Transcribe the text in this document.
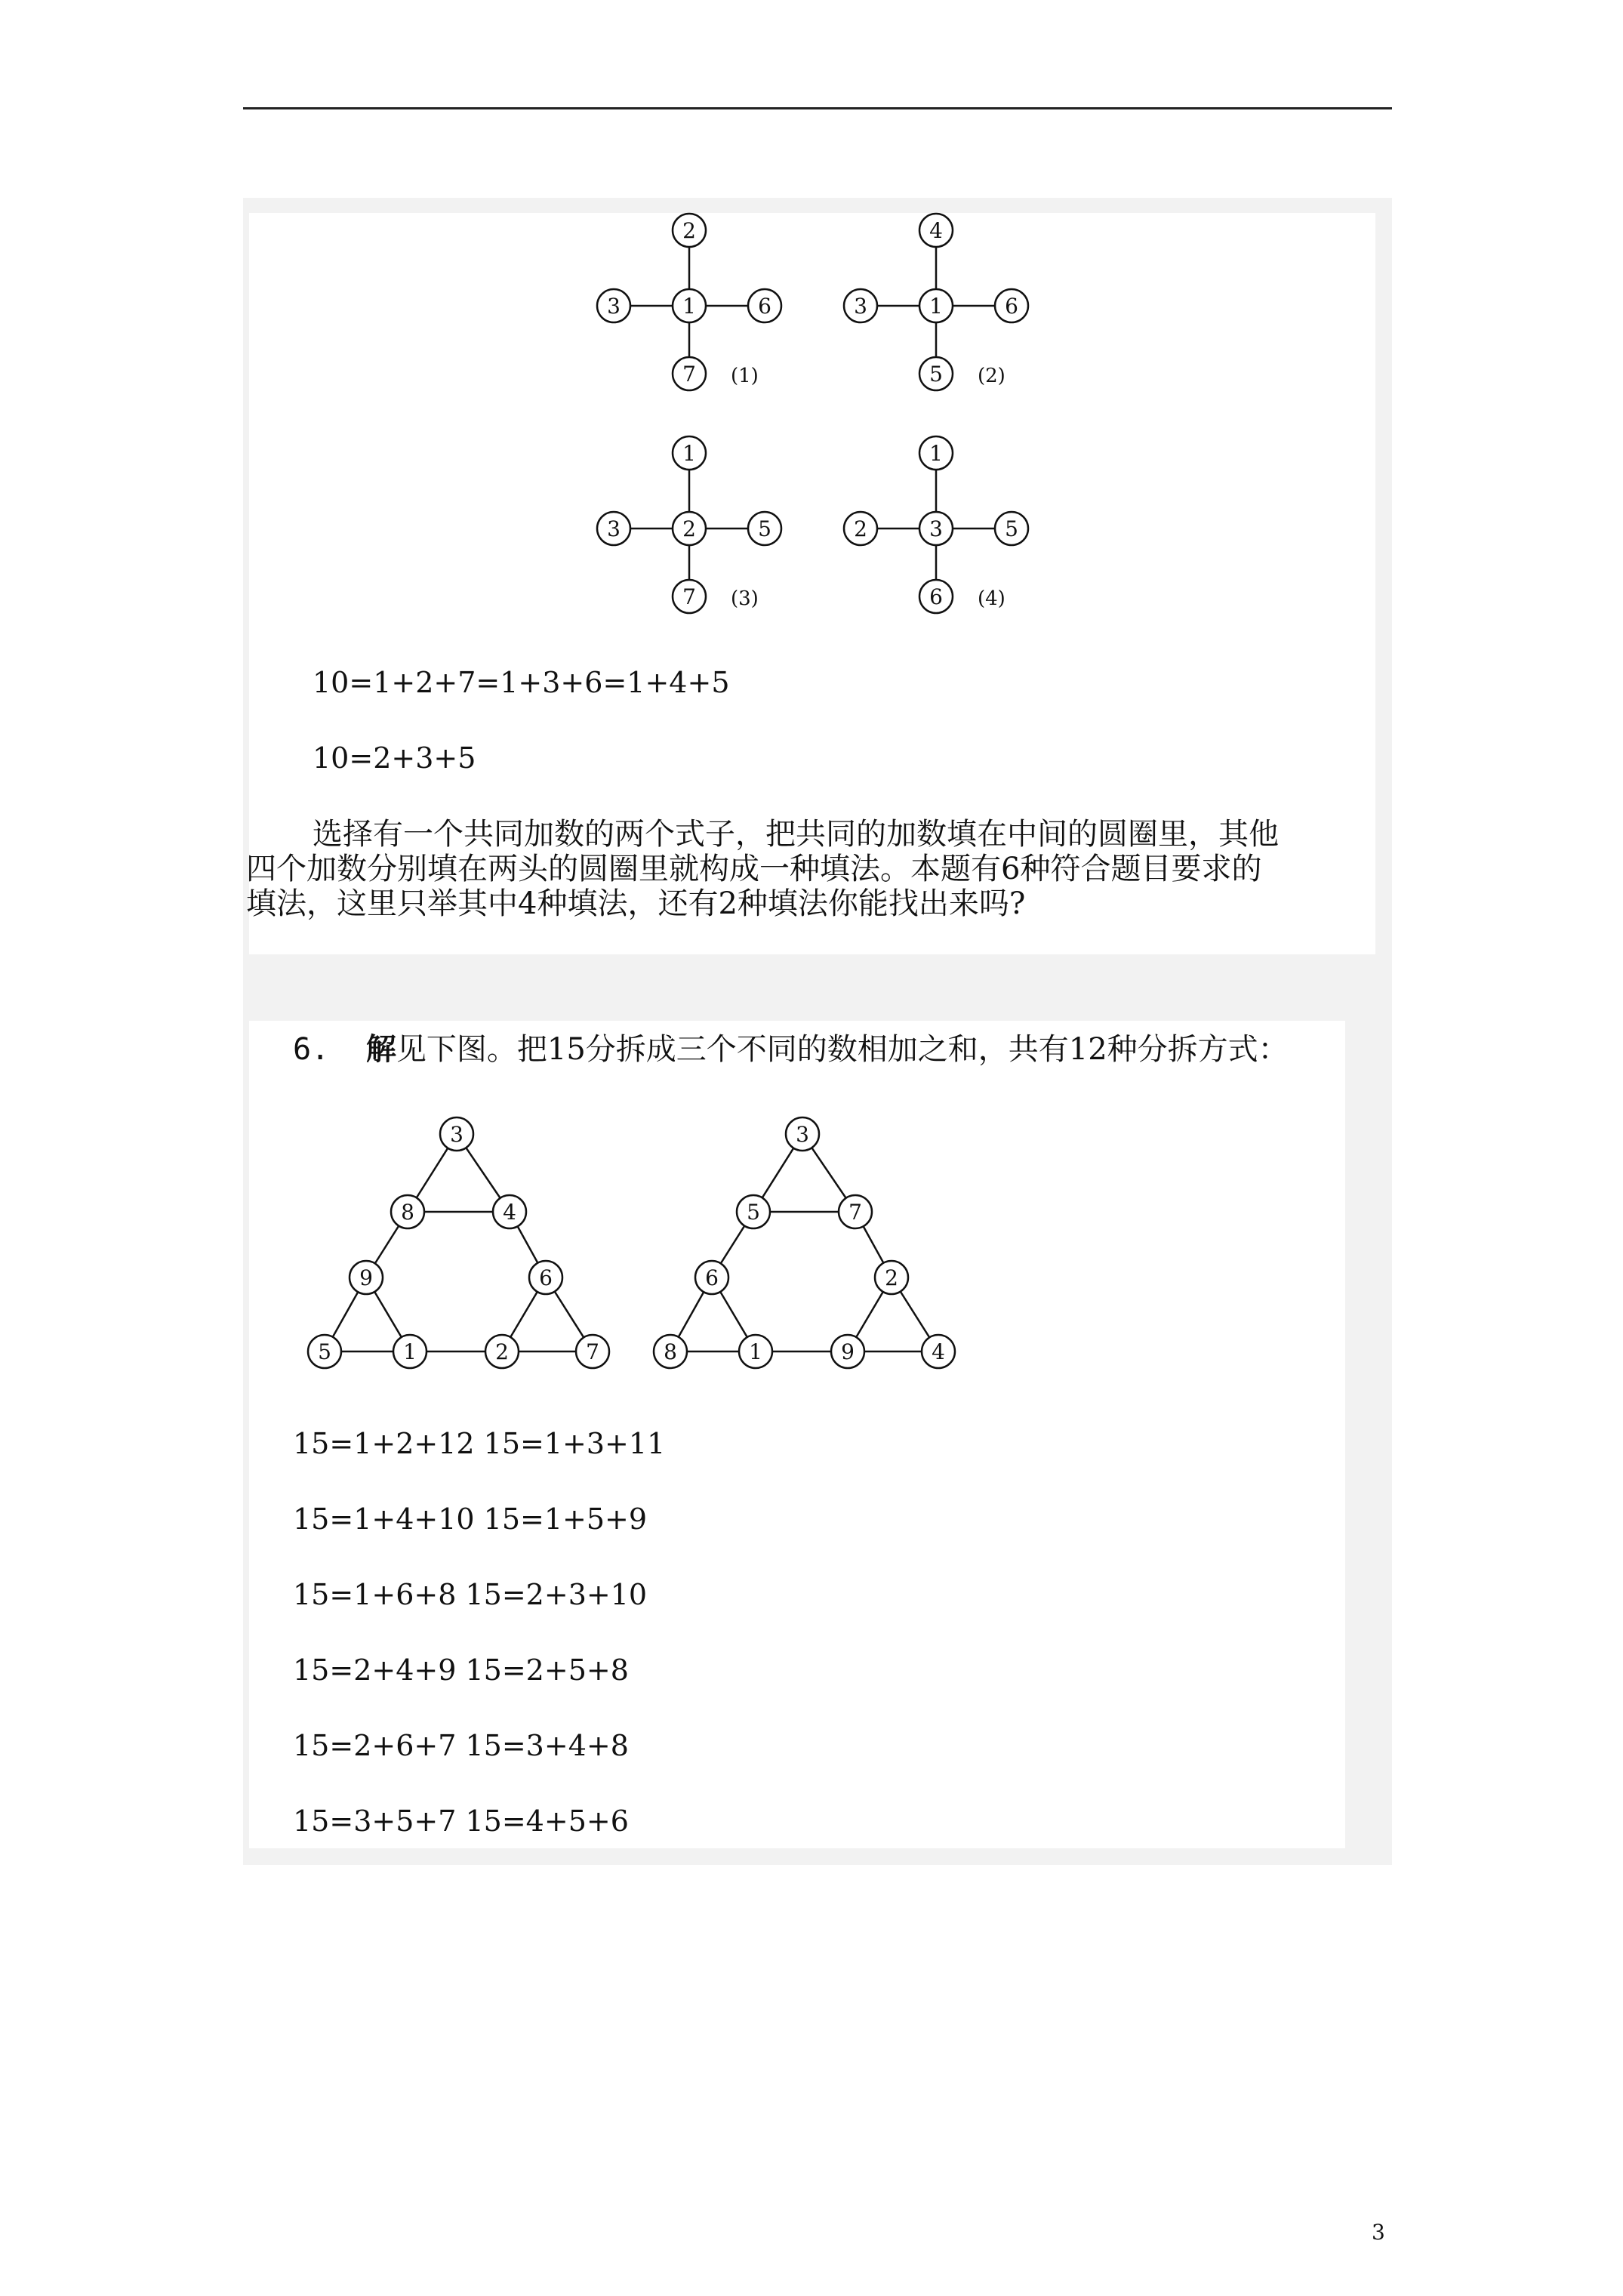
2
3	1	6
7 (1)
4
3	1	6
5 (2)
1
3	2	5
7 (3)
1
2	3	5
6 (4)
10=1+2+7=1+3+6=1+4+5
10=2+3+5
选择有一个共同加数的两个式子，把共同的加数填在中间的圆圈里，其他
四个加数分别填在两头的圆圈里就构成一种填法。本题有6种符合题目要求的
填法，这里只举其中4种填法，还有2种填法你能找出来吗?
6. 解见下图。把15分拆成三个不同的数相加之和，共有12种分拆方式：
3
8	4
9	6
5	1	2	7
3
5	7
6	2
8	1	9	4
15=1+2+12 15=1+3+11
15=1+4+10 15=1+5+9
15=1+6+8 15=2+3+10
15=2+4+9 15=2+5+8
15=2+6+7 15=3+4+8
15=3+5+7 15=4+5+6
3
